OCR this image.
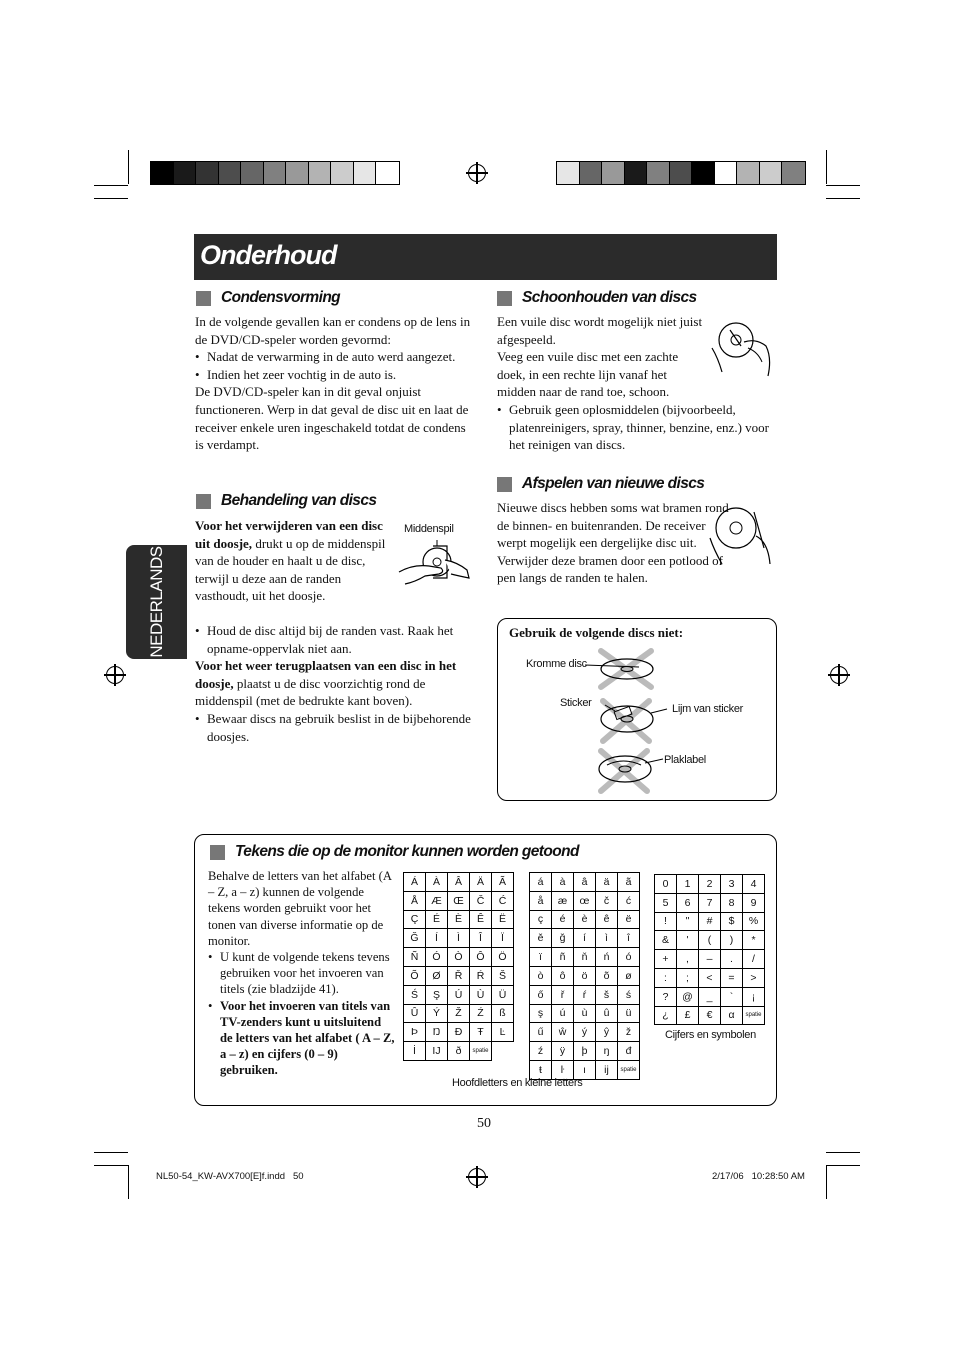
Onderhoud
NEDERLANDS
Condensvorming

In de volgende gevallen kan er condens op de lens in de DVD/CD-speler worden gevormd:

• Nadat de verwarming in de auto werd aangezet.

• Indien het zeer vochtig in de auto is.

De DVD/CD-speler kan in dit geval onjuist functioneren. Werp in dat geval de disc uit en laat de receiver enkele uren ingeschakeld totdat de condens is verdampt.

Behandeling van discs

Voor het verwijderen van een disc uit doosje, drukt u op de middenspil van de houder en haalt u de disc, terwijl u deze aan de randen vasthoudt, uit het doosje.

Middenspil

• Houd de disc altijd bij de randen vast. Raak het opname-oppervlak niet aan.

Voor het weer terugplaatsen van een disc in het doosje, plaatst u de disc voorzichtig rond de middenspil (met de bedrukte kant boven).

• Bewaar discs na gebruik beslist in de bijbehorende doosjes.

Schoonhouden van discs

Een vuile disc wordt mogelijk niet juist afgespeeld.

Veeg een vuile disc met een zachte doek, in een rechte lijn vanaf het midden naar de rand toe, schoon.

• Gebruik geen oplosmiddelen (bijvoorbeeld, platenreinigers, spray, thinner, benzine, enz.) voor het reinigen van discs.

Afspelen van nieuwe discs

Nieuwe discs hebben soms wat bramen rond de binnen- en buitenranden. De receiver werpt mogelijk een dergelijke disc uit. Verwijder deze bramen door een potlood of pen langs de randen te halen.

Gebruik de volgende discs niet:
Kromme disc
Sticker	Lijm van sticker
Plaklabel
Tekens die op de monitor kunnen worden getoond

Behalve de letters van het alfabet (A – Z, a – z) kunnen de volgende tekens worden gebruikt voor het tonen van diverse informatie op de monitor.

• U kunt de volgende tekens tevens gebruiken voor het invoeren van titels (zie bladzijde 41).

• Voor het invoeren van titels van TV-zenders kunt u uitsluitend de letters van het alfabet ( A – Z, a – z) en cijfers (0 – 9) gebruiken.

Á	À	Â	Ä	Ã
Å	Æ	Œ	Č	Ć
Ç	É	È	Ê	Ë
Ğ	Í	Ì	Î	Ï
Ñ	Ó	Ò	Ô	Ö
Õ	Ø	Ř	Ŕ	Š
Ś	Ş	Ú	Ù	Ü
Û	Ý	Ž	Ź	ß
Þ	Ŋ	Ð	Ŧ	Ŀ
İ	IJ	ð	spatie	
á	à	â	ä	ã
å	æ	œ	č	ć
ç	é	è	ê	ë
ě	ğ	í	ì	î
ï	ñ	ň	ń	ó
ò	ô	ö	õ	ø
ő	ř	ŕ	š	ś
ş	ú	ù	û	ü
ű	ŵ	ý	ŷ	ž
ź	ÿ	þ	ŋ	đ
ŧ	ŀ	ı	ij	spatie
0	1	2	3	4
5	6	7	8	9
!	"	#	$	%
&	'	(	)	*
+	,	–	.	/
:	;	<	=	>
?	@	_	`	¡
¿	£	€	α	spatie
Hoofdletters en kleine letters
Cijfers en symbolen
50
NL50-54_KW-AVX700[E]f.indd   50	2/17/06   10:28:50 AM
